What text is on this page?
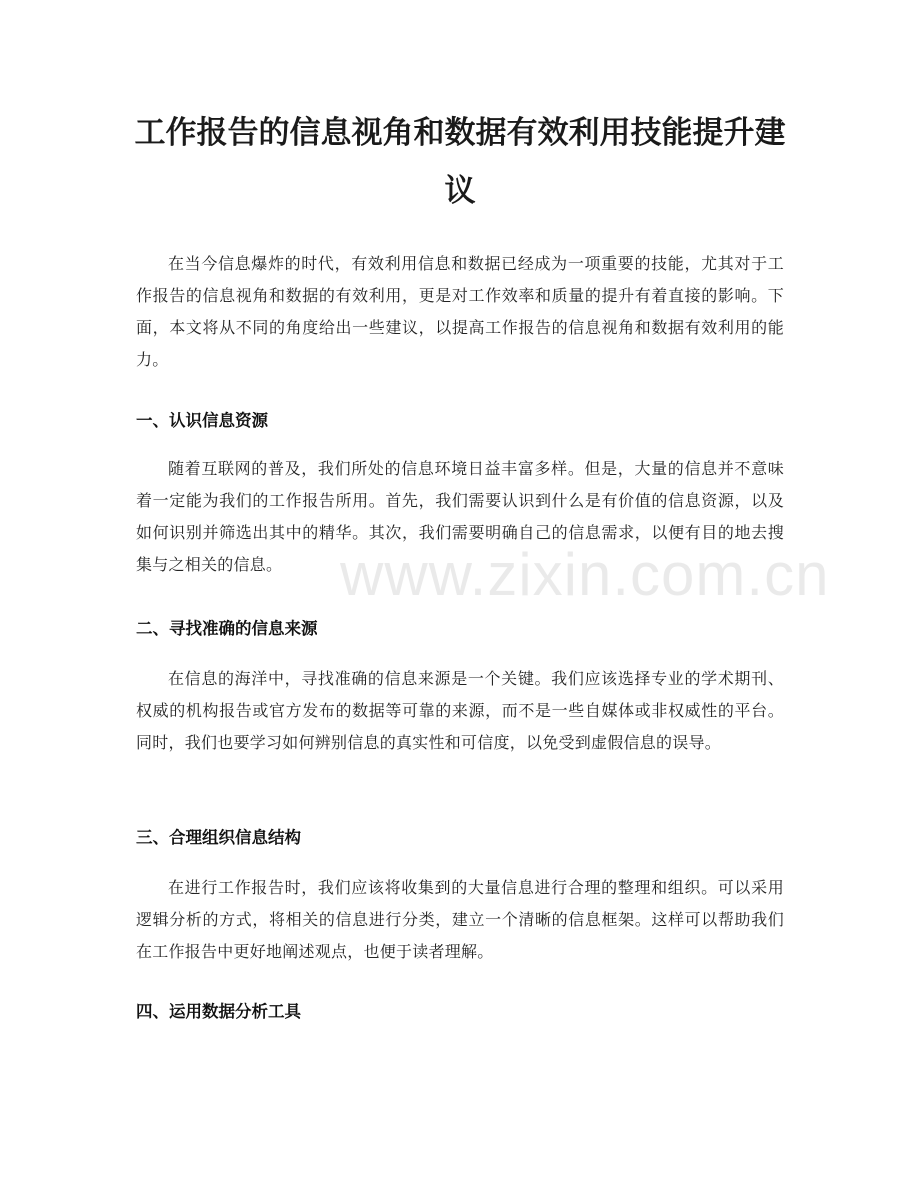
工作报告的信息视角和数据有效利用技能提升建议

在当今信息爆炸的时代，有效利用信息和数据已经成为一项重要的技能，尤其对于工作报告的信息视角和数据的有效利用，更是对工作效率和质量的提升有着直接的影响。下面，本文将从不同的角度给出一些建议，以提高工作报告的信息视角和数据有效利用的能力。

一、认识信息资源

随着互联网的普及，我们所处的信息环境日益丰富多样。但是，大量的信息并不意味着一定能为我们的工作报告所用。首先，我们需要认识到什么是有价值的信息资源，以及如何识别并筛选出其中的精华。其次，我们需要明确自己的信息需求，以便有目的地去搜集与之相关的信息。

二、寻找准确的信息来源

在信息的海洋中，寻找准确的信息来源是一个关键。我们应该选择专业的学术期刊、权威的机构报告或官方发布的数据等可靠的来源，而不是一些自媒体或非权威性的平台。同时，我们也要学习如何辨别信息的真实性和可信度，以免受到虚假信息的误导。

三、合理组织信息结构

在进行工作报告时，我们应该将收集到的大量信息进行合理的整理和组织。可以采用逻辑分析的方式，将相关的信息进行分类，建立一个清晰的信息框架。这样可以帮助我们在工作报告中更好地阐述观点，也便于读者理解。

四、运用数据分析工具
www.zixin.com.cn
